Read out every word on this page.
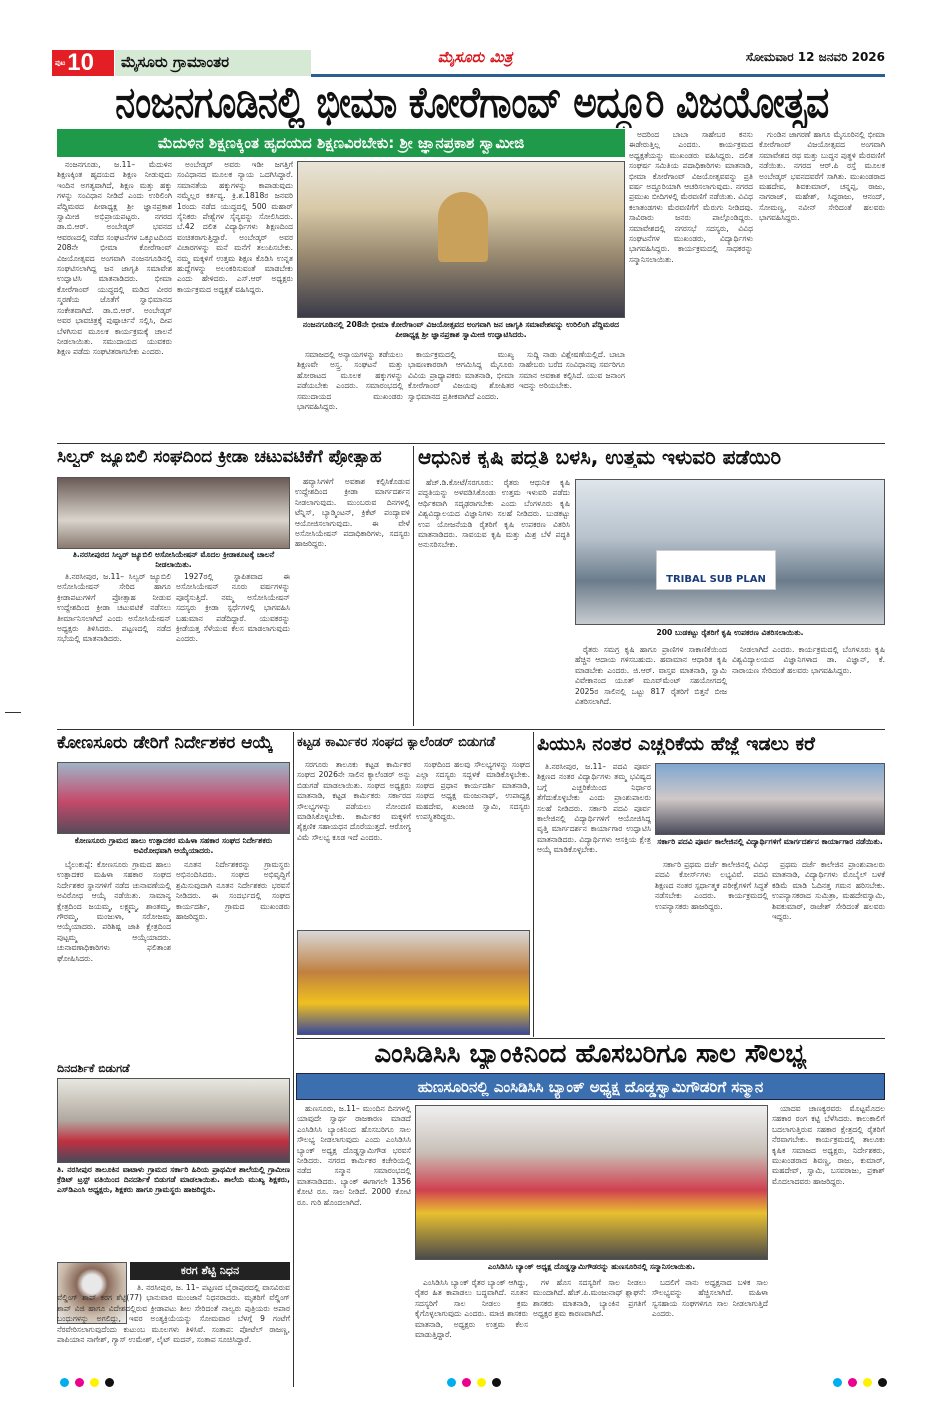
ಪುಟ 10	ಮೈಸೂರು ಗ್ರಾಮಾಂತರ	ಮೈಸೂರು ಮಿತ್ರ	ಸೋಮವಾರ 12 ಜನವರಿ 2026
ನಂಜನಗೂಡಿನಲ್ಲಿ ಭೀಮಾ ಕೋರೆಗಾಂವ್ ಅದ್ದೂರಿ ವಿಜಯೋತ್ಸವ
ಮೆದುಳಿನ ಶಿಕ್ಷಣಕ್ಕಿಂತ ಹೃದಯದ ಶಿಕ್ಷಣವಿರಬೇಕು: ಶ್ರೀ ಜ್ಞಾನಪ್ರಕಾಶ ಸ್ವಾಮೀಜಿ

ನಂಜನಗೂಡು, ಜ.11– ಮೆದುಳಿನ ಶಿಕ್ಷಣಕ್ಕಿಂತ ಹೃದಯದ ಶಿಕ್ಷಣ ನೀಡುವುದು ಇಂದಿನ ಅಗತ್ಯವಾಗಿದೆ, ಶಿಕ್ಷಣ ಮತ್ತು ಹಕ್ಕು ಗಳನ್ನು ಸಂವಿಧಾನ ನೀಡಿದೆ ಎಂದು ಉರಿಲಿಂಗಿ ಪೆದ್ದಿಮಠದ ಪೀಠಾಧ್ಯಕ್ಷ ಶ್ರೀ ಜ್ಞಾನಪ್ರಕಾಶ ಸ್ವಾಮೀಜಿ ಅಭಿಪ್ರಾಯಪಟ್ಟರು. ನಗರದ ಡಾ.ಬಿ.ಆರ್. ಅಂಬೇಡ್ಕರ್ ಭವನದ ಆವರಣದಲ್ಲಿ ನಡೆದ ಸಂಘಟನೆಗಳ ಒಕ್ಕೂಟದಿಂದ 208ನೇ ಭೀಮಾ ಕೋರೆಗಾಂವ್ ವಿಜಯೋತ್ಸವದ ಅಂಗವಾಗಿ ನಂಜನಗೂಡಿನಲ್ಲಿ ಸಂಘಟಿಸಲಾಗಿದ್ದ ಜನ ಜಾಗೃತಿ ಸಮಾವೇಶ ಉದ್ಘಾಟಿಸಿ ಮಾತನಾಡಿದರು. ಭೀಮಾ ಕೋರೆಗಾಂವ್ ಯುದ್ಧದಲ್ಲಿ ಮಡಿದ ವೀರರ ಸ್ಮರಣೆಯ ಜೊತೆಗೆ ಸ್ವಾಭಿಮಾನದ ಸಂಕೇತವಾಗಿದೆ. ಡಾ.ಬಿ.ಆರ್. ಅಂಬೇಡ್ಕರ್ ಅವರ ಭಾವಚಿತ್ರಕ್ಕೆ ಪುಷ್ಪಾರ್ಚನೆ ಸಲ್ಲಿಸಿ, ದೀಪ ಬೆಳಗಿಸುವ ಮೂಲಕ ಕಾರ್ಯಕ್ರಮಕ್ಕೆ ಚಾಲನೆ ನೀಡಲಾಯಿತು. ಸಮುದಾಯದ ಯುವಕರು ಶಿಕ್ಷಣ ಪಡೆದು ಸಂಘಟಿತರಾಗಬೇಕು ಎಂದರು.

ಅಂಬೇಡ್ಕರ್ ಅವರು ಇಡೀ ಜಗತ್ತಿಗೆ ಸಂವಿಧಾನದ ಮೂಲಕ ನ್ಯಾಯ ಒದಗಿಸಿದ್ದಾರೆ. ಸಮಾನತೆಯ ಹಕ್ಕುಗಳನ್ನು ಕಾಪಾಡುವುದು ನಮ್ಮೆಲ್ಲರ ಕರ್ತವ್ಯ. ಕ್ರಿ.ಶ.1818ರ ಜನವರಿ 1ರಂದು ನಡೆದ ಯುದ್ಧದಲ್ಲಿ 500 ಮಹಾರ್ ಸೈನಿಕರು ಪೇಶ್ವೆಗಳ ಸೈನ್ಯವನ್ನು ಸೋಲಿಸಿದರು. ಬೆ.42 ದಲಿತ ವಿದ್ಯಾರ್ಥಿಗಳು ಶಿಕ್ಷಣದಿಂದ ವಂಚಿತರಾಗುತ್ತಿದ್ದಾರೆ. ಅಂಬೇಡ್ಕರ್ ಅವರ ವಿಚಾರಗಳನ್ನು ಮನೆ ಮನೆಗೆ ತಲುಪಿಸಬೇಕು. ನಮ್ಮ ಮಕ್ಕಳಿಗೆ ಉತ್ತಮ ಶಿಕ್ಷಣ ಕೊಡಿಸಿ ಉನ್ನತ ಹುದ್ದೆಗಳನ್ನು ಅಲಂಕರಿಸುವಂತೆ ಮಾಡಬೇಕು ಎಂದು ಹೇಳಿದರು. ಎಸ್.ಆರ್ ಅಧ್ಯಕ್ಷರು ಕಾರ್ಯಕ್ರಮದ ಅಧ್ಯಕ್ಷತೆ ವಹಿಸಿದ್ದರು.

ನಂಜನಗೂಡಿನಲ್ಲಿ 208ನೇ ಭೀಮಾ ಕೋರೆಗಾಂವ್ ವಿಜಯೋತ್ಸವದ ಅಂಗವಾಗಿ ಜನ ಜಾಗೃತಿ ಸಮಾವೇಶವನ್ನು ಉರಿಲಿಂಗಿ ಪೆದ್ದಿಮಠದ ಪೀಠಾಧ್ಯಕ್ಷ ಶ್ರೀ ಜ್ಞಾನಪ್ರಕಾಶ ಸ್ವಾಮೀಜಿ ಉದ್ಘಾಟಿಸಿದರು.

ಸಮಾಜದಲ್ಲಿ ಅನ್ಯಾಯಗಳನ್ನು ತಡೆಯಲು ಶಿಕ್ಷಣವೇ ಅಸ್ತ್ರ. ಸಂಘಟನೆ ಮತ್ತು ಹೋರಾಟದ ಮೂಲಕ ಹಕ್ಕುಗಳನ್ನು ಪಡೆಯಬೇಕು ಎಂದರು. ಸಮಾರಂಭದಲ್ಲಿ ಸಮುದಾಯದ ಮುಖಂಡರು ಭಾಗವಹಿಸಿದ್ದರು.

ಕಾರ್ಯಕ್ರಮದಲ್ಲಿ ಮುಖ್ಯ ಭಾಷಣಕಾರರಾಗಿ ಆಗಮಿಸಿದ್ದ ಮೈಸೂರು ವಿವಿಯ ಪ್ರಾಧ್ಯಾಪಕರು ಮಾತನಾಡಿ, ಭೀಮಾ ಕೋರೆಗಾಂವ್ ವಿಜಯವು ಶೋಷಿತರ ಸ್ವಾಭಿಮಾನದ ಪ್ರತೀಕವಾಗಿದೆ ಎಂದರು.

ಸುದ್ದಿ ನಾಡು ವಿಶ್ಲೇಷಣೆಯಲ್ಲಿದೆ. ಬಾಬಾ ಸಾಹೇಬರು ಬರೆದ ಸಂವಿಧಾನವು ಸರ್ವರಿಗೂ ಸಮಾನ ಅವಕಾಶ ಕಲ್ಪಿಸಿದೆ. ಯುವ ಜನಾಂಗ ಇದನ್ನು ಅರಿಯಬೇಕು.

ಅದರಿಂದ ಬಾಬಾ ಸಾಹೇಬರ ಕನಸು ಈಡೇರುತ್ತಿಲ್ಲ ಎಂದರು. ಕಾರ್ಯಕ್ರಮದ ಅಧ್ಯಕ್ಷತೆಯನ್ನು ಮುಖಂಡರು ವಹಿಸಿದ್ದರು. ದಲಿತ ಸಂಘರ್ಷ ಸಮಿತಿಯ ಪದಾಧಿಕಾರಿಗಳು ಮಾತನಾಡಿ, ಭೀಮಾ ಕೋರೆಗಾಂವ್ ವಿಜಯೋತ್ಸವವನ್ನು ಪ್ರತಿ ವರ್ಷ ಅದ್ದೂರಿಯಾಗಿ ಆಚರಿಸಲಾಗುವುದು. ನಗರದ ಪ್ರಮುಖ ಬೀದಿಗಳಲ್ಲಿ ಮೆರವಣಿಗೆ ನಡೆಯಿತು. ವಿವಿಧ ಕಲಾತಂಡಗಳು ಮೆರವಣಿಗೆಗೆ ಮೆರುಗು ನೀಡಿದವು. ಸಾವಿರಾರು ಜನರು ಪಾಲ್ಗೊಂಡಿದ್ದರು. ಸಮಾವೇಶದಲ್ಲಿ ನಗರಸಭೆ ಸದಸ್ಯರು, ವಿವಿಧ ಸಂಘಟನೆಗಳ ಮುಖಂಡರು, ವಿದ್ಯಾರ್ಥಿಗಳು ಭಾಗವಹಿಸಿದ್ದರು. ಕಾರ್ಯಕ್ರಮದಲ್ಲಿ ಸಾಧಕರನ್ನು ಸನ್ಮಾನಿಸಲಾಯಿತು.

ಗುಂಡಿನ ಜಾಗರಣೆ ಹಾಗೂ ಮೈಸೂರಿನಲ್ಲಿ ಭೀಮಾ ಕೋರೆಗಾಂವ್ ವಿಜಯೋತ್ಸವದ ಅಂಗವಾಗಿ ಸಮಾವೇಶದ ರಥ ಮತ್ತು ಬುದ್ಧನ ಪುತ್ಥಳಿ ಮೆರವಣಿಗೆ ನಡೆಯಿತು. ನಗರದ ಆರ್.ಪಿ ರಸ್ತೆ ಮೂಲಕ ಅಂಬೇಡ್ಕರ್ ಭವನದವರೆಗೆ ಸಾಗಿತು. ಮುಖಂಡರಾದ ಮಹದೇವ, ಶಿವಕುಮಾರ್, ಚನ್ನಪ್ಪ, ರಾಜು, ನಾಗರಾಜ್, ಮಹೇಶ್, ಸಿದ್ದರಾಜು, ಆನಂದ್, ಸೋಮಣ್ಣ, ನವೀನ್ ಸೇರಿದಂತೆ ಹಲವರು ಭಾಗವಹಿಸಿದ್ದರು.

ಸಿಲ್ವರ್ ಜ್ಯೂಬಿಲಿ ಸಂಘದಿಂದ ಕ್ರೀಡಾ ಚಟುವಟಿಕೆಗೆ ಪ್ರೋತ್ಸಾಹ
ತಿ.ನರಸೀಪುರದ ಸಿಲ್ವರ್ ಜ್ಯೂಬಿಲಿ ಅಸೋಸಿಯೇಷನ್ ಮೊದಲ ಕ್ರೀಡಾಕೂಟಕ್ಕೆ ಚಾಲನೆ ನೀಡಲಾಯಿತು.

ತಿ.ನರಸೀಪುರ, ಜ.11– ಸಿಲ್ವರ್ ಜ್ಯೂಬಿಲಿ ಅಸೋಸಿಯೇಷನ್ ಸೇರಿದ ಹಾಗೂ ಕ್ರೀಡಾಪಟುಗಳಿಗೆ ಪ್ರೋತ್ಸಾಹ ನೀಡುವ ಉದ್ದೇಶದಿಂದ ಕ್ರೀಡಾ ಚಟುವಟಿಕೆ ನಡೆಸಲು ತೀರ್ಮಾನಿಸಲಾಗಿದೆ ಎಂದು ಅಸೋಸಿಯೇಷನ್ ಅಧ್ಯಕ್ಷರು ತಿಳಿಸಿದರು. ಪಟ್ಟಣದಲ್ಲಿ ನಡೆದ ಸಭೆಯಲ್ಲಿ ಮಾತನಾಡಿದರು.

1927ರಲ್ಲಿ ಸ್ಥಾಪಿತವಾದ ಈ ಅಸೋಸಿಯೇಷನ್ ನೂರು ವರ್ಷಗಳನ್ನು ಪೂರೈಸುತ್ತಿದೆ. ನಮ್ಮ ಅಸೋಸಿಯೇಷನ್ ಸದಸ್ಯರು ಕ್ರೀಡಾ ಸ್ಪರ್ಧೆಗಳಲ್ಲಿ ಭಾಗವಹಿಸಿ ಬಹುಮಾನ ಪಡೆದಿದ್ದಾರೆ. ಯುವಕರನ್ನು ಕ್ರೀಡೆಯತ್ತ ಸೆಳೆಯುವ ಕೆಲಸ ಮಾಡಲಾಗುವುದು ಎಂದರು.

ಹವ್ಯಾಸಿಗಳಿಗೆ ಅವಕಾಶ ಕಲ್ಪಿಸಿಕೊಡುವ ಉದ್ದೇಶದಿಂದ ಕ್ರೀಡಾ ಮಾರ್ಗದರ್ಶನ ನೀಡಲಾಗುವುದು. ಮುಂಬರುವ ದಿನಗಳಲ್ಲಿ ಟೆನ್ನಿಸ್, ಬ್ಯಾಡ್ಮಿಂಟನ್, ಕ್ರಿಕೆಟ್ ಪಂದ್ಯಾವಳಿ ಆಯೋಜಿಸಲಾಗುವುದು. ಈ ವೇಳೆ ಅಸೋಸಿಯೇಷನ್ ಪದಾಧಿಕಾರಿಗಳು, ಸದಸ್ಯರು ಹಾಜರಿದ್ದರು.

ಆಧುನಿಕ ಕೃಷಿ ಪದ್ಧತಿ ಬಳಸಿ, ಉತ್ತಮ ಇಳುವರಿ ಪಡೆಯಿರಿ

ಹೆಚ್.ಡಿ.ಕೋಟೆ/ಸರಗೂರು: ರೈತರು ಆಧುನಿಕ ಕೃಷಿ ಪದ್ಧತಿಯನ್ನು ಅಳವಡಿಸಿಕೊಂಡು ಉತ್ತಮ ಇಳುವರಿ ಪಡೆದು ಆರ್ಥಿಕವಾಗಿ ಸದೃಢರಾಗಬೇಕು ಎಂದು ಬೆಂಗಳೂರು ಕೃಷಿ ವಿಶ್ವವಿದ್ಯಾಲಯದ ವಿಜ್ಞಾನಿಗಳು ಸಲಹೆ ನೀಡಿದರು. ಬುಡಕಟ್ಟು ಉಪ ಯೋಜನೆಯಡಿ ರೈತರಿಗೆ ಕೃಷಿ ಉಪಕರಣ ವಿತರಿಸಿ ಮಾತನಾಡಿದರು. ಸಾವಯವ ಕೃಷಿ ಮತ್ತು ಮಿಶ್ರ ಬೆಳೆ ಪದ್ಧತಿ ಅನುಸರಿಸಬೇಕು.

TRIBAL SUB PLAN
200 ಬುಡಕಟ್ಟು ರೈತರಿಗೆ ಕೃಷಿ ಉಪಕರಣ ವಿತರಿಸಲಾಯಿತು.

ರೈತರು ಸಮಗ್ರ ಕೃಷಿ ಹಾಗೂ ಪ್ರಾಣಿಗಳ ಸಾಕಾಣಿಕೆಯಿಂದ ಹೆಚ್ಚಿನ ಆದಾಯ ಗಳಿಸಬಹುದು. ಹವಾಮಾನ ಆಧಾರಿತ ಕೃಷಿ ಮಾಡಬೇಕು ಎಂದರು. ಜಿ.ಆರ್. ವಾಸ್ತವ ಮಾತನಾಡಿ, ಸ್ವಾಮಿ ವಿವೇಕಾನಂದ ಯೂತ್ ಮೂವ್‌ಮೆಂಟ್ ಸಹಯೋಗದಲ್ಲಿ 2025ರ ಸಾಲಿನಲ್ಲಿ ಒಟ್ಟು 817 ರೈತರಿಗೆ ಬಿತ್ತನೆ ಬೀಜ ವಿತರಿಸಲಾಗಿದೆ.

ನೀಡಲಾಗಿದೆ ಎಂದರು. ಕಾರ್ಯಕ್ರಮದಲ್ಲಿ ಬೆಂಗಳೂರು ಕೃಷಿ ವಿಶ್ವವಿದ್ಯಾಲಯದ ವಿಜ್ಞಾನಿಗಳಾದ ಡಾ. ವಿಜ್ಞಾನ್, ಕೆ. ನಾರಾಯಣ ಸೇರಿದಂತೆ ಹಲವರು ಭಾಗವಹಿಸಿದ್ದರು.

ಕೋಣಸೂರು ಡೇರಿಗೆ ನಿರ್ದೇಶಕರ ಆಯ್ಕೆ
ಕೋಣಸೂರು ಗ್ರಾಮದ ಹಾಲು ಉತ್ಪಾದಕರ ಮಹಿಳಾ ಸಹಕಾರ ಸಂಘದ ನಿರ್ದೇಶಕರು ಅವಿರೋಧವಾಗಿ ಆಯ್ಕೆಯಾದರು.

ಬೈಲುಕುಪ್ಪೆ: ಕೋಣಸೂರು ಗ್ರಾಮದ ಹಾಲು ಉತ್ಪಾದಕರ ಮಹಿಳಾ ಸಹಕಾರ ಸಂಘದ ನಿರ್ದೇಶಕರ ಸ್ಥಾನಗಳಿಗೆ ನಡೆದ ಚುನಾವಣೆಯಲ್ಲಿ ಅವಿರೋಧ ಆಯ್ಕೆ ನಡೆಯಿತು. ಸಾಮಾನ್ಯ ಕ್ಷೇತ್ರದಿಂದ ಜಯಮ್ಮ, ಲಕ್ಷ್ಮಮ್ಮ, ಶಾಂತಮ್ಮ, ಗೌರಮ್ಮ, ಮಂಜುಳಾ, ಸರೋಜಮ್ಮ ಆಯ್ಕೆಯಾದರು. ಪರಿಶಿಷ್ಟ ಜಾತಿ ಕ್ಷೇತ್ರದಿಂದ ಪುಟ್ಟಮ್ಮ ಆಯ್ಕೆಯಾದರು. ಚುನಾವಣಾಧಿಕಾರಿಗಳು ಫಲಿತಾಂಶ ಘೋಷಿಸಿದರು.

ನೂತನ ನಿರ್ದೇಶಕರನ್ನು ಗ್ರಾಮಸ್ಥರು ಅಭಿನಂದಿಸಿದರು. ಸಂಘದ ಅಭಿವೃದ್ಧಿಗೆ ಶ್ರಮಿಸುವುದಾಗಿ ನೂತನ ನಿರ್ದೇಶಕರು ಭರವಸೆ ನೀಡಿದರು. ಈ ಸಂದರ್ಭದಲ್ಲಿ ಸಂಘದ ಕಾರ್ಯದರ್ಶಿ, ಗ್ರಾಮದ ಮುಖಂಡರು ಹಾಜರಿದ್ದರು.

ಕಟ್ಟಡ ಕಾರ್ಮಿಕರ ಸಂಘದ ಕ್ಯಾಲೆಂಡರ್ ಬಿಡುಗಡೆ

ಸರಗೂರು ತಾಲೂಕು ಕಟ್ಟಡ ಕಾರ್ಮಿಕರ ಸಂಘದ 2026ನೇ ಸಾಲಿನ ಕ್ಯಾಲೆಂಡರ್ ಅನ್ನು ಬಿಡುಗಡೆ ಮಾಡಲಾಯಿತು. ಸಂಘದ ಅಧ್ಯಕ್ಷರು ಮಾತನಾಡಿ, ಕಟ್ಟಡ ಕಾರ್ಮಿಕರು ಸರ್ಕಾರದ ಸೌಲಭ್ಯಗಳನ್ನು ಪಡೆಯಲು ನೋಂದಣಿ ಮಾಡಿಸಿಕೊಳ್ಳಬೇಕು. ಕಾರ್ಮಿಕರ ಮಕ್ಕಳಿಗೆ ಶೈಕ್ಷಣಿಕ ಸಹಾಯಧನ ದೊರೆಯುತ್ತದೆ. ಆರೋಗ್ಯ ವಿಮೆ ಸೌಲಭ್ಯ ಕೂಡ ಇದೆ ಎಂದರು.

ಸಂಘದಿಂದ ಹಲವು ಸೌಲಭ್ಯಗಳನ್ನು ಸಂಘದ ಎಲ್ಲಾ ಸದಸ್ಯರು ಸದ್ಬಳಕೆ ಮಾಡಿಕೊಳ್ಳಬೇಕು. ಸಂಘದ ಪ್ರಧಾನ ಕಾರ್ಯದರ್ಶಿ ಮಾತನಾಡಿ, ಸಂಘದ ಅಧ್ಯಕ್ಷ ಮಂಜುನಾಥ್, ಉಪಾಧ್ಯಕ್ಷ ಮಹದೇವ, ಖಜಾಂಚಿ ಸ್ವಾಮಿ, ಸದಸ್ಯರು ಉಪಸ್ಥಿತರಿದ್ದರು.

ಪಿಯುಸಿ ನಂತರ ಎಚ್ಚರಿಕೆಯ ಹೆಜ್ಜೆ ಇಡಲು ಕರೆ

ತಿ.ನರಸೀಪುರ, ಜ.11– ಪದವಿ ಪೂರ್ವ ಶಿಕ್ಷಣದ ನಂತರ ವಿದ್ಯಾರ್ಥಿಗಳು ತಮ್ಮ ಭವಿಷ್ಯದ ಬಗ್ಗೆ ಎಚ್ಚರಿಕೆಯಿಂದ ನಿರ್ಧಾರ ತೆಗೆದುಕೊಳ್ಳಬೇಕು ಎಂದು ಪ್ರಾಂಶುಪಾಲರು ಸಲಹೆ ನೀಡಿದರು. ಸರ್ಕಾರಿ ಪದವಿ ಪೂರ್ವ ಕಾಲೇಜಿನಲ್ಲಿ ವಿದ್ಯಾರ್ಥಿಗಳಿಗೆ ಆಯೋಜಿಸಿದ್ದ ವೃತ್ತಿ ಮಾರ್ಗದರ್ಶನ ಕಾರ್ಯಾಗಾರ ಉದ್ಘಾಟಿಸಿ ಮಾತನಾಡಿದರು. ವಿದ್ಯಾರ್ಥಿಗಳು ಆಸಕ್ತಿಯ ಕ್ಷೇತ್ರ ಆಯ್ಕೆ ಮಾಡಿಕೊಳ್ಳಬೇಕು.

ಸರ್ಕಾರಿ ಪದವಿ ಪೂರ್ವ ಕಾಲೇಜಿನಲ್ಲಿ ವಿದ್ಯಾರ್ಥಿಗಳಿಗೆ ಮಾರ್ಗದರ್ಶನ ಕಾರ್ಯಾಗಾರ ನಡೆಯಿತು.

ಸರ್ಕಾರಿ ಪ್ರಥಮ ದರ್ಜೆ ಕಾಲೇಜಿನಲ್ಲಿ ವಿವಿಧ ಪದವಿ ಕೋರ್ಸ್‌ಗಳು ಲಭ್ಯವಿವೆ. ಪದವಿ ಶಿಕ್ಷಣದ ನಂತರ ಸ್ಪರ್ಧಾತ್ಮಕ ಪರೀಕ್ಷೆಗಳಿಗೆ ಸಿದ್ಧತೆ ನಡೆಸಬೇಕು ಎಂದರು. ಕಾರ್ಯಕ್ರಮದಲ್ಲಿ ಉಪನ್ಯಾಸಕರು ಹಾಜರಿದ್ದರು.

ಪ್ರಥಮ ದರ್ಜೆ ಕಾಲೇಜಿನ ಪ್ರಾಂಶುಪಾಲರು ಮಾತನಾಡಿ, ವಿದ್ಯಾರ್ಥಿಗಳು ಮೊಬೈಲ್ ಬಳಕೆ ಕಡಿಮೆ ಮಾಡಿ ಓದಿನತ್ತ ಗಮನ ಹರಿಸಬೇಕು. ಉಪನ್ಯಾಸಕರಾದ ಸುಮಿತ್ರಾ, ಮಹದೇವಸ್ವಾಮಿ, ಶಿವಕುಮಾರ್, ರಾಜೇಶ್ ಸೇರಿದಂತೆ ಹಲವರು ಇದ್ದರು.

ದಿನದರ್ಶಿಕೆ ಬಿಡುಗಡೆ
ತಿ. ನರಸೀಪುರ ತಾಲೂಕಿನ ವಾಟಾಳು ಗ್ರಾಮದ ಸರ್ಕಾರಿ ಹಿರಿಯ ಪ್ರಾಥಮಿಕ ಶಾಲೆಯಲ್ಲಿ ಗ್ರಾಮೀಣ ಕ್ರೆಡಿಟ್ ಟ್ರಸ್ಟ್ ವತಿಯಿಂದ ದಿನದರ್ಶಿಕೆ ಬಿಡುಗಡೆ ಮಾಡಲಾಯಿತು. ಶಾಲೆಯ ಮುಖ್ಯ ಶಿಕ್ಷಕರು, ಎಸ್‌ಡಿಎಂಸಿ ಅಧ್ಯಕ್ಷರು, ಶಿಕ್ಷಕರು ಹಾಗೂ ಗ್ರಾಮಸ್ಥರು ಹಾಜರಿದ್ದರು.
ಕರಗ ಶೆಟ್ಟಿ ನಿಧನ

ತಿ. ನರಸೀಪುರ, ಜ. 11– ಪಟ್ಟಣದ ಬೈರಾಪುರದಲ್ಲಿ ವಾಸವಿರುವ ವೆಲ್ಡಿಂಗ್ ಶಾಪ್ ಕರಗ ಶೆಟ್ಟಿ(77) ಭಾನುವಾರ ಮುಂಜಾನೆ ನಿಧನರಾದರು. ಮೃತರಿಗೆ ವೆಲ್ಡಿಂಗ್ ಶಾಪ್ ವಿಜಿ ಹಾಗೂ ವಿದೇಶದಲ್ಲಿರುವ ಕ್ರೀಡಾಪಟು ಶೀಲ ಸೇರಿದಂತೆ ನಾಲ್ವರು ಪುತ್ರಿಯರು ಅಪಾರ ಬಂಧುಗಳನ್ನು ಅಗಲಿದ್ದು, ಇವರ ಅಂತ್ಯಕ್ರಿಯೆಯನ್ನು ಸೋಮವಾರ ಬೆಳಗ್ಗೆ 9 ಗಂಟೆಗೆ ನೆರವೇರಿಸಲಾಗುವುದೆಂದು ಕುಟುಂಬ ಮೂಲಗಳು ತಿಳಿಸಿವೆ. ಸಂತಾಪ: ಪೋಟೆಲ್ ರಾಜಣ್ಣ, ಪಾಪಿಯಾನ ನಾಗೇಶ್, ಗ್ಯಾಸ್ ಉಮೇಶ್, ಲೈಟ್ ಮದನ್, ಸಂತಾಪ ಸೂಚಿಸಿದ್ದಾರೆ.

ಎಂಸಿಡಿಸಿಸಿ ಬ್ಯಾಂಕಿನಿಂದ ಹೊಸಬರಿಗೂ ಸಾಲ ಸೌಲಭ್ಯ
ಹುಣಸೂರಿನಲ್ಲಿ ಎಂಸಿಡಿಸಿಸಿ ಬ್ಯಾಂಕ್ ಅಧ್ಯಕ್ಷ ದೊಡ್ಡಸ್ವಾಮಿಗೌಡರಿಗೆ ಸನ್ಮಾನ

ಹುಣಸೂರು, ಜ.11– ಮುಂದಿನ ದಿನಗಳಲ್ಲಿ ಯಾವುದೇ ಸ್ವಾರ್ಥ ರಾಜಕಾರಣ ಮಾಡದೆ ಎಂಸಿಡಿಸಿಸಿ ಬ್ಯಾಂಕಿನಿಂದ ಹೊಸಬರಿಗೂ ಸಾಲ ಸೌಲಭ್ಯ ನೀಡಲಾಗುವುದು ಎಂದು ಎಂಸಿಡಿಸಿಸಿ ಬ್ಯಾಂಕ್ ಅಧ್ಯಕ್ಷ ದೊಡ್ಡಸ್ವಾಮಿಗೌಡ ಭರವಸೆ ನೀಡಿದರು. ನಗರದ ಕಾರ್ಮಿಕರ ಕಚೇರಿಯಲ್ಲಿ ನಡೆದ ಸನ್ಮಾನ ಸಮಾರಂಭದಲ್ಲಿ ಮಾತನಾಡಿದರು. ಬ್ಯಾಂಕ್ ಈಗಾಗಲೇ 1356 ಕೋಟಿ ರೂ. ಸಾಲ ನೀಡಿದೆ. 2000 ಕೋಟಿ ರೂ. ಗುರಿ ಹೊಂದಲಾಗಿದೆ.

ಎಂಸಿಡಿಸಿಸಿ ಬ್ಯಾಂಕ್ ಅಧ್ಯಕ್ಷ ದೊಡ್ಡಸ್ವಾಮಿಗೌಡರನ್ನು ಹುಣಸೂರಿನಲ್ಲಿ ಸನ್ಮಾನಿಸಲಾಯಿತು.

ಎಂಸಿಡಿಸಿಸಿ ಬ್ಯಾಂಕ್ ರೈತರ ಬ್ಯಾಂಕ್ ಆಗಿದ್ದು, ರೈತರ ಹಿತ ಕಾಪಾಡಲು ಬದ್ಧವಾಗಿದೆ. ನೂತನ ಸದಸ್ಯರಿಗೆ ಸಾಲ ನೀಡಲು ಕ್ರಮ ಕೈಗೊಳ್ಳಲಾಗುವುದು ಎಂದರು. ಮಾಜಿ ಶಾಸಕರು ಮಾತನಾಡಿ, ಅಧ್ಯಕ್ಷರು ಉತ್ತಮ ಕೆಲಸ ಮಾಡುತ್ತಿದ್ದಾರೆ.

ಗಳ ಹೊಸ ಸದಸ್ಯರಿಗೆ ಸಾಲ ನೀಡಲು ಮುಂದಾಗಿದೆ. ಹೆಚ್.ಪಿ.ಮಂಜುನಾಥ್ ಶ್ಲಾಘನೆ: ಶಾಸಕರು ಮಾತನಾಡಿ, ಬ್ಯಾಂಕಿನ ಪ್ರಗತಿಗೆ ಅಧ್ಯಕ್ಷರ ಶ್ರಮ ಕಾರಣವಾಗಿದೆ.

ಬದಲಿಗೆ ನಾನು ಅಧ್ಯಕ್ಷನಾದ ಬಳಿಕ ಸಾಲ ಸೌಲಭ್ಯವನ್ನು ಹೆಚ್ಚಿಸಲಾಗಿದೆ. ಮಹಿಳಾ ಸ್ವಸಹಾಯ ಸಂಘಗಳಿಗೂ ಸಾಲ ನೀಡಲಾಗುತ್ತಿದೆ ಎಂದರು.

ಯಾದವ ಚಾಣಕ್ಯರವರು ಮೊಟ್ಟಮೊದಲ ಸಹಕಾರ ರಂಗ ಕಟ್ಟಿ ಬೆಳೆಸಿದರು. ಕಾಲುಕಾಲಿಗೆ ಬದಲಾಗುತ್ತಿರುವ ಸಹಕಾರ ಕ್ಷೇತ್ರದಲ್ಲಿ ರೈತರಿಗೆ ನೆರವಾಗಬೇಕು. ಕಾರ್ಯಕ್ರಮದಲ್ಲಿ ತಾಲೂಕು ಕೃಷಿಕ ಸಮಾಜದ ಅಧ್ಯಕ್ಷರು, ನಿರ್ದೇಶಕರು, ಮುಖಂಡರಾದ ಶಿವಣ್ಣ, ರಾಜು, ಕುಮಾರ್, ಮಹದೇವ್, ಸ್ವಾಮಿ, ಬಸವರಾಜು, ಪ್ರಕಾಶ್ ಮೊದಲಾದವರು ಹಾಜರಿದ್ದರು.
